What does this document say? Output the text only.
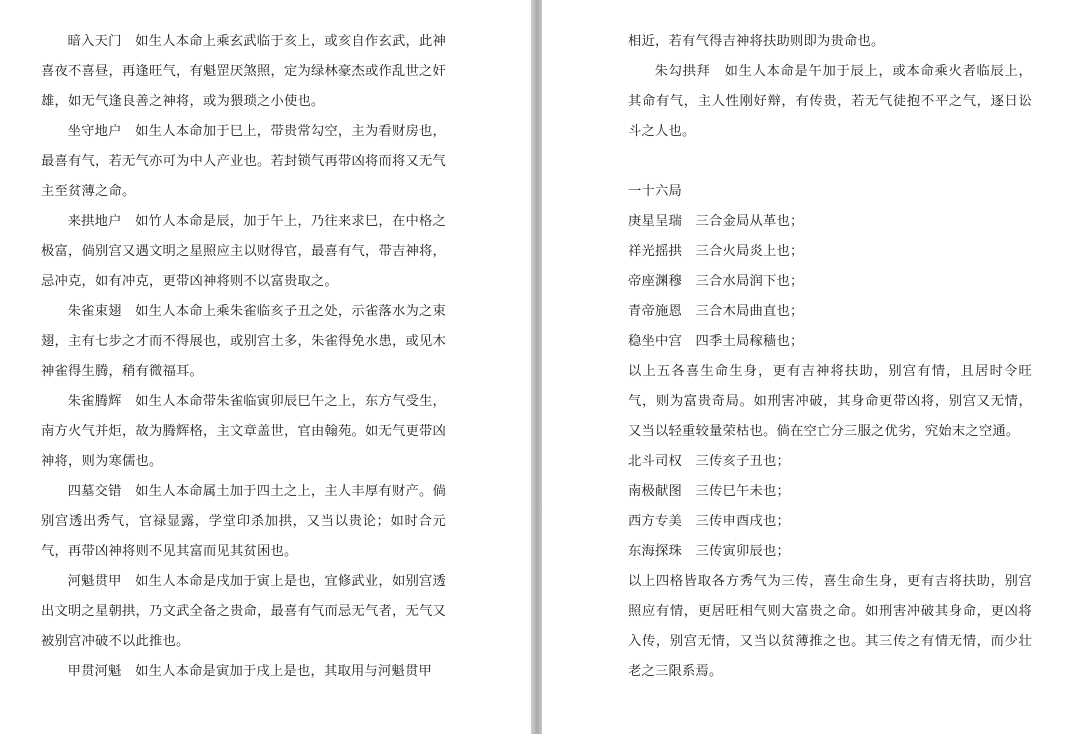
暗入天门　如生人本命上乘玄武临于亥上，或亥自作玄武，此神喜夜不喜昼，再逢旺气，有魁罡厌煞照，定为绿林豪杰或作乱世之奸雄，如无气逢良善之神将，或为猥琐之小使也。

坐守地户　如生人本命加于巳上，带贵常勾空，主为看财房也，最喜有气，若无气亦可为中人产业也。若封锁气再带凶将而将又无气主至贫薄之命。

来拱地户　如竹人本命是辰，加于午上，乃往来求巳，在中格之极富，倘别宫又遇文明之星照应主以财得官，最喜有气，带吉神将，忌冲克，如有冲克，更带凶神将则不以富贵取之。

朱雀束翅　如生人本命上乘朱雀临亥子丑之处，示雀落水为之束翅，主有七步之才而不得展也，或别宫土多，朱雀得免水患，或见木神雀得生腾，稍有微福耳。

朱雀腾辉　如生人本命带朱雀临寅卯辰巳午之上，东方气受生，南方火气并炬，故为腾辉格，主文章盖世，官由翰苑。如无气更带凶神将，则为寒儒也。

四墓交错　如生人本命属土加于四土之上，主人丰厚有财产。倘别宫透出秀气，官禄显露，学堂印杀加拱，又当以贵论；如时合元气，再带凶神将则不见其富而见其贫困也。

河魁贯甲　如生人本命是戌加于寅上是也，宜修武业，如别宫透出文明之星朝拱，乃文武全备之贵命，最喜有气而忌无气者，无气又被别宫冲破不以此推也。

甲贯河魁　如生人本命是寅加于戌上是也，其取用与河魁贯甲

相近，若有气得吉神将扶助则即为贵命也。

朱勾拱拜　如生人本命是午加于辰上，或本命乘火者临辰上，其命有气，主人性刚好辩，有传贵，若无气徒抱不平之气，逐日讼斗之人也。

一十六局

庚星呈瑞　三合金局从革也；

祥光摇拱　三合火局炎上也；

帝座渊穆　三合水局润下也；

青帝施恩　三合木局曲直也；

稳坐中宫　四季土局稼穑也；

以上五各喜生命生身，更有吉神将扶助，别宫有情，且居时令旺气，则为富贵奇局。如刑害冲破，其身命更带凶将，别宫又无情，又当以轻重较量荣枯也。倘在空亡分三服之优劣，究始末之空通。

北斗司权　三传亥子丑也；

南极献图　三传巳午未也；

西方专美　三传申酉戌也；

东海探珠　三传寅卯辰也；

以上四格皆取各方秀气为三传，喜生命生身，更有吉将扶助，别宫照应有情，更居旺相气则大富贵之命。如刑害冲破其身命，更凶将入传，别宫无情，又当以贫薄推之也。其三传之有情无情，而少壮老之三限系焉。
